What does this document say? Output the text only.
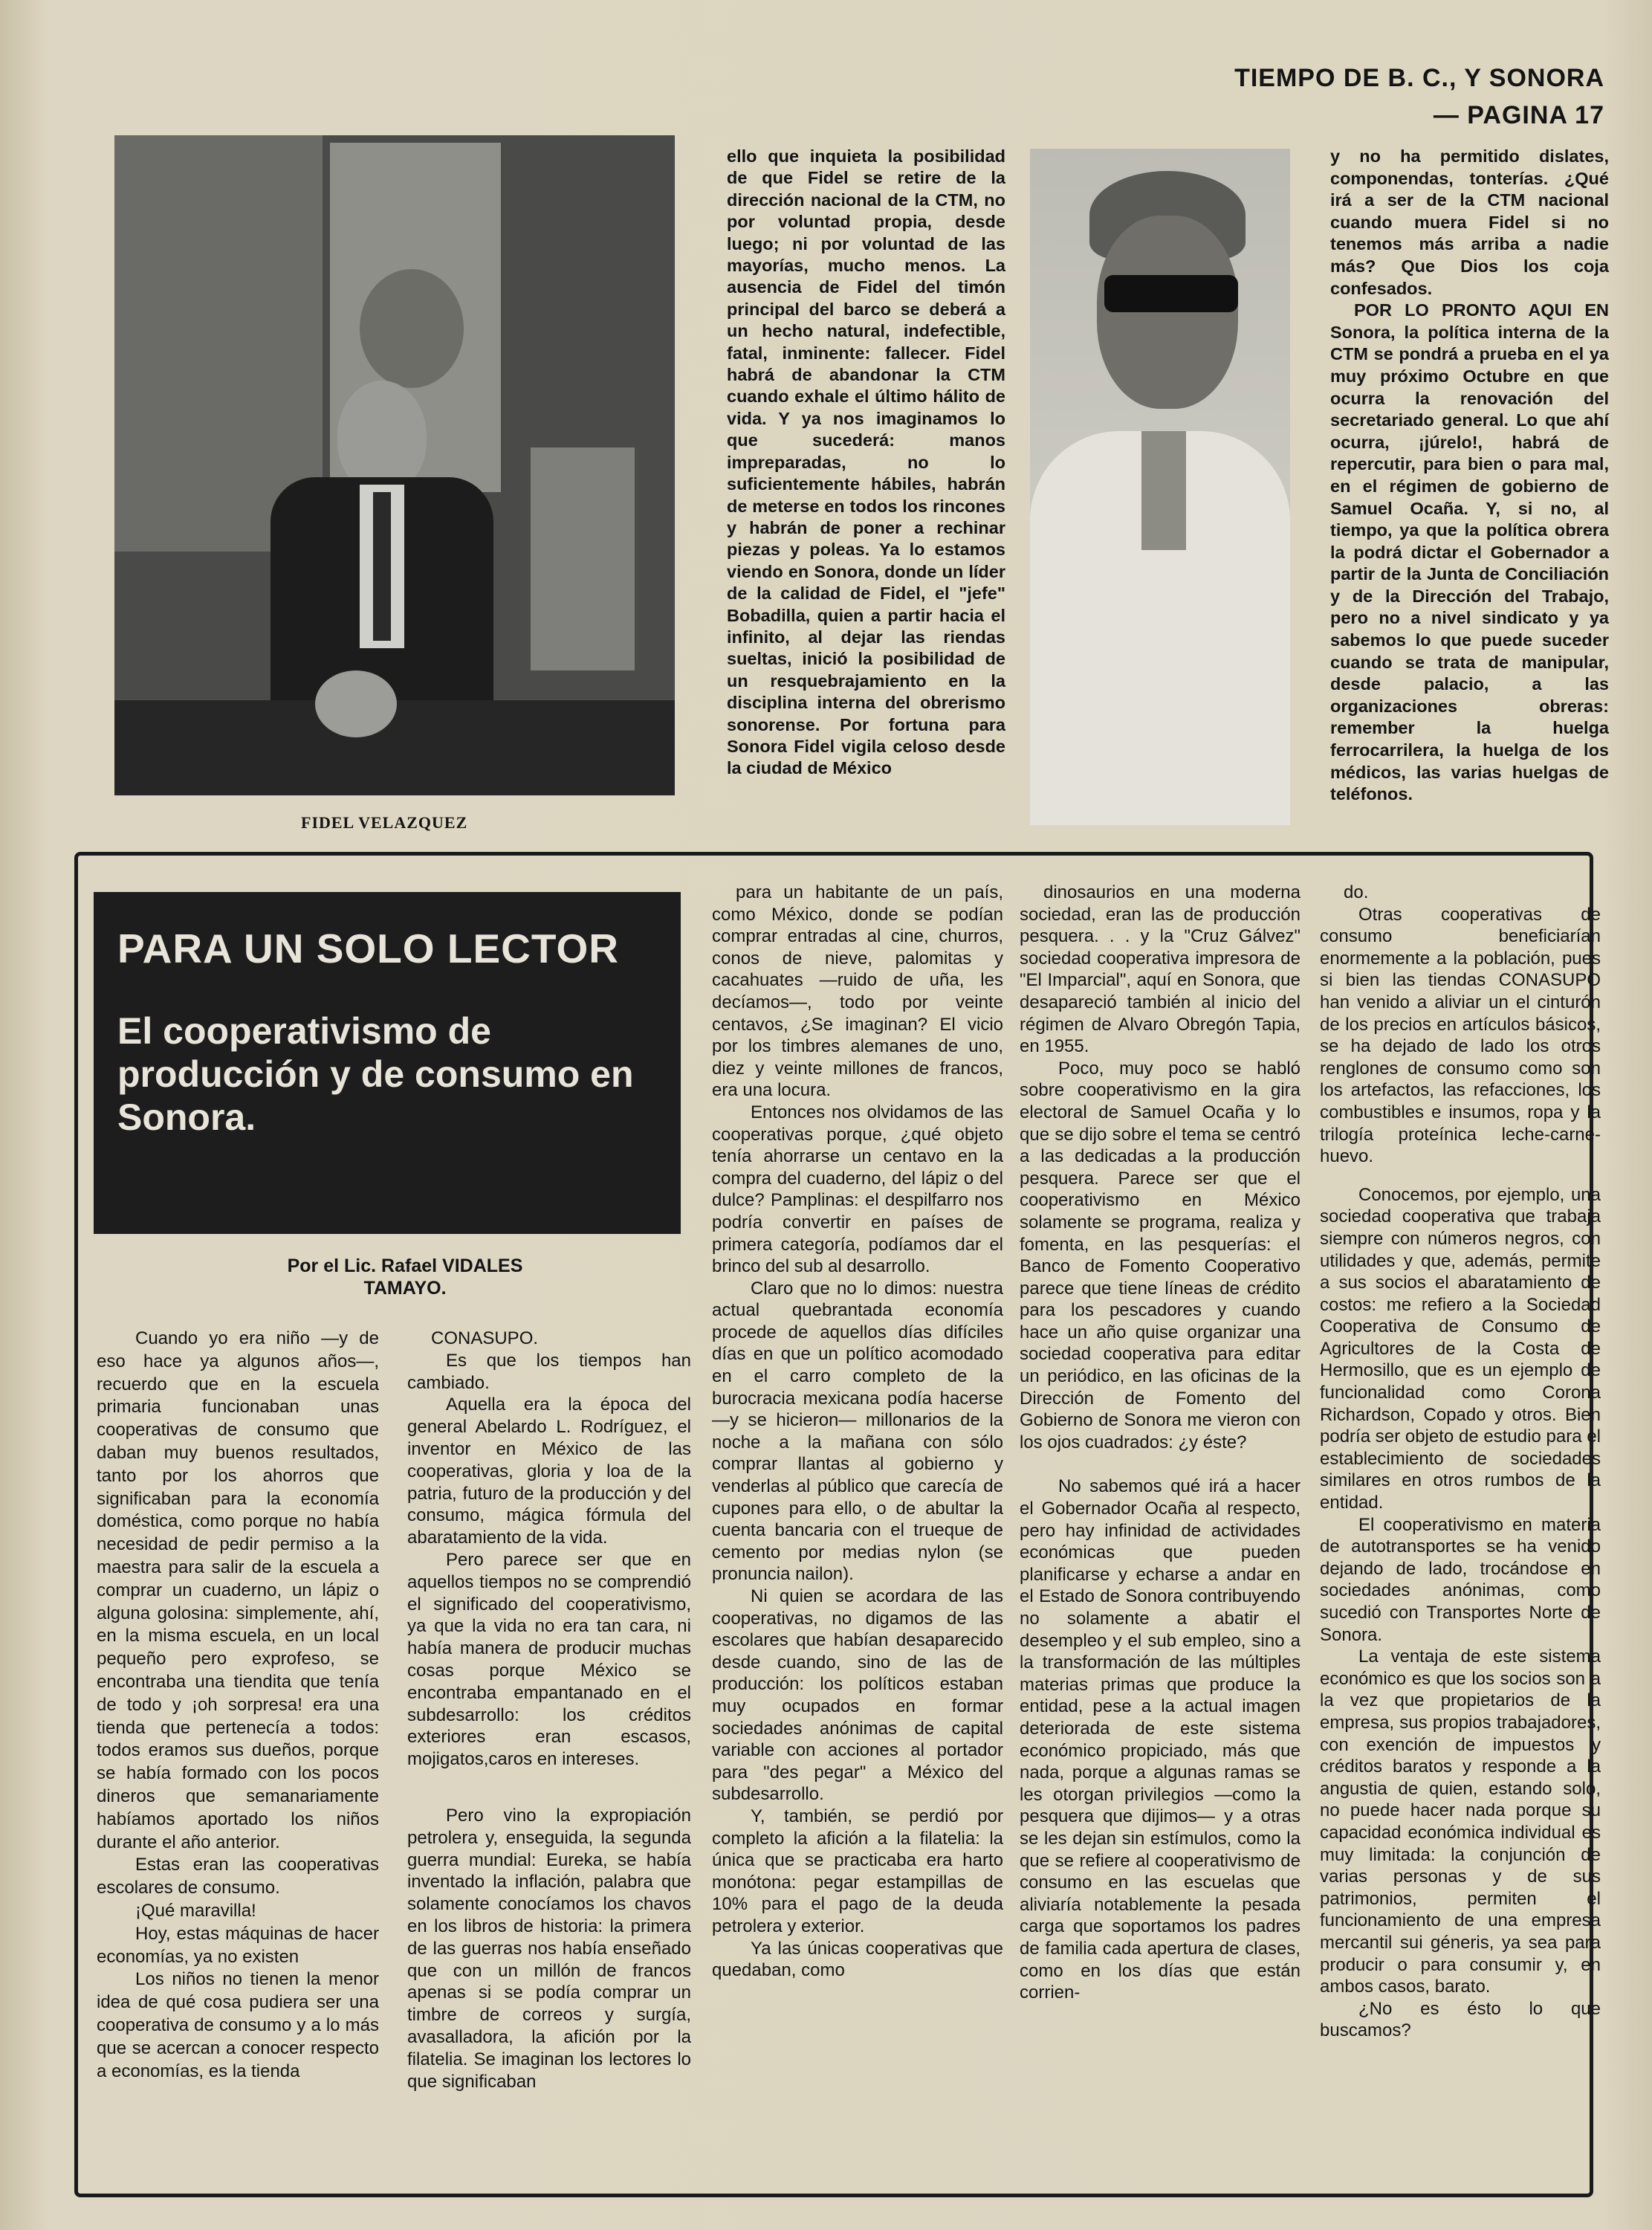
TIEMPO DE B. C., Y SONORA
— PAGINA 17
FIDEL VELAZQUEZ

ello que inquieta la posibilidad de que Fidel se retire de la dirección nacional de la CTM, no por voluntad propia, desde luego; ni por voluntad de las mayorías, mucho menos. La ausencia de Fidel del timón principal del barco se deberá a un hecho natural, indefectible, fatal, inminente: fallecer. Fidel habrá de abandonar la CTM cuando exhale el último hálito de vida. Y ya nos imaginamos lo que sucederá: manos impreparadas, no lo suficientemente hábiles, habrán de meterse en todos los rincones y habrán de poner a rechinar piezas y poleas. Ya lo estamos viendo en Sonora, donde un líder de la calidad de Fidel, el "jefe" Bobadilla, quien a partir hacia el infinito, al dejar las riendas sueltas, inició la posibilidad de un resquebrajamiento en la disciplina interna del obrerismo sonorense. Por fortuna para Sonora Fidel vigila celoso desde la ciudad de México

y no ha permitido dislates, componendas, tonterías. ¿Qué irá a ser de la CTM nacional cuando muera Fidel si no tenemos más arriba a nadie más? Que Dios los coja confesados.

POR LO PRONTO AQUI EN Sonora, la política interna de la CTM se pondrá a prueba en el ya muy próximo Octubre en que ocurra la renovación del secretariado general. Lo que ahí ocurra, ¡júrelo!, habrá de repercutir, para bien o para mal, en el régimen de gobierno de Samuel Ocaña. Y, si no, al tiempo, ya que la política obrera la podrá dictar el Gobernador a partir de la Junta de Conciliación y de la Dirección del Trabajo, pero no a nivel sindicato y ya sabemos lo que puede suceder cuando se trata de manipular, desde palacio, a las organizaciones obreras: remember la huelga ferrocarrilera, la huelga de los médicos, las varias huelgas de teléfonos.

PARA UN SOLO LECTOR
El cooperativismo de producción y de consumo en Sonora.
Por el Lic. Rafael VIDALES TAMAYO.

Cuando yo era niño —y de eso hace ya algunos años—, recuerdo que en la escuela primaria funcionaban unas cooperativas de consumo que daban muy buenos resultados, tanto por los ahorros que significaban para la economía doméstica, como porque no había necesidad de pedir permiso a la maestra para salir de la escuela a comprar un cuaderno, un lápiz o alguna golosina: simplemente, ahí, en la misma escuela, en un local pequeño pero exprofeso, se encontraba una tiendita que tenía de todo y ¡oh sorpresa! era una tienda que pertenecía a todos: todos eramos sus dueños, porque se había formado con los pocos dineros que semanariamente habíamos aportado los niños durante el año anterior.

Estas eran las cooperativas escolares de consumo.

¡Qué maravilla!

Hoy, estas máquinas de hacer economías, ya no existen

Los niños no tienen la menor idea de qué cosa pudiera ser una cooperativa de consumo y a lo más que se acercan a conocer respecto a economías, es la tienda

CONASUPO.

Es que los tiempos han cambiado.

Aquella era la época del general Abelardo L. Rodríguez, el inventor en México de las cooperativas, gloria y loa de la patria, futuro de la producción y del consumo, mágica fórmula del abaratamiento de la vida.

Pero parece ser que en aquellos tiempos no se comprendió el significado del cooperativismo, ya que la vida no era tan cara, ni había manera de producir muchas cosas porque México se encontraba empantanado en el subdesarrollo: los créditos exteriores eran escasos, mojigatos,caros en intereses.

Pero vino la expropiación petrolera y, enseguida, la segunda guerra mundial: Eureka, se había inventado la inflación, palabra que solamente conocíamos los chavos en los libros de historia: la primera de las guerras nos había enseñado que con un millón de francos apenas si se podía comprar un timbre de correos y surgía, avasalladora, la afición por la filatelia. Se imaginan los lectores lo que significaban

para un habitante de un país, como México, donde se podían comprar entradas al cine, churros, conos de nieve, palomitas y cacahuates —ruido de uña, les decíamos—, todo por veinte centavos, ¿Se imaginan? El vicio por los timbres alemanes de uno, diez y veinte millones de francos, era una locura.

Entonces nos olvidamos de las cooperativas porque, ¿qué objeto tenía ahorrarse un centavo en la compra del cuaderno, del lápiz o del dulce? Pamplinas: el despilfarro nos podría convertir en países de primera categoría, podíamos dar el brinco del sub al desarrollo.

Claro que no lo dimos: nuestra actual quebrantada economía procede de aquellos días difíciles días en que un político acomodado en el carro completo de la burocracia mexicana podía hacerse —y se hicieron— millonarios de la noche a la mañana con sólo comprar llantas al gobierno y venderlas al público que carecía de cupones para ello, o de abultar la cuenta bancaria con el trueque de cemento por medias nylon (se pronuncia nailon).

Ni quien se acordara de las cooperativas, no digamos de las escolares que habían desaparecido desde cuando, sino de las de producción: los políticos estaban muy ocupados en formar sociedades anónimas de capital variable con acciones al portador para "des pegar" a México del subdesarrollo.

Y, también, se perdió por completo la afición a la filatelia: la única que se practicaba era harto monótona: pegar estampillas de 10% para el pago de la deuda petrolera y exterior.

Ya las únicas cooperativas que quedaban, como

dinosaurios en una moderna sociedad, eran las de producción pesquera. . . y la "Cruz Gálvez" sociedad cooperativa impresora de "El Imparcial", aquí en Sonora, que desapareció también al inicio del régimen de Alvaro Obregón Tapia, en 1955.

Poco, muy poco se habló sobre cooperativismo en la gira electoral de Samuel Ocaña y lo que se dijo sobre el tema se centró a las dedicadas a la producción pesquera. Parece ser que el cooperativismo en México solamente se programa, realiza y fomenta, en las pesquerías: el Banco de Fomento Cooperativo parece que tiene líneas de crédito para los pescadores y cuando hace un año quise organizar una sociedad cooperativa para editar un periódico, en las oficinas de la Dirección de Fomento del Gobierno de Sonora me vieron con los ojos cuadrados: ¿y éste?

No sabemos qué irá a hacer el Gobernador Ocaña al respecto, pero hay infinidad de actividades económicas que pueden planificarse y echarse a andar en el Estado de Sonora contribuyendo no solamente a abatir el desempleo y el sub empleo, sino a la transformación de las múltiples materias primas que produce la entidad, pese a la actual imagen deteriorada de este sistema económico propiciado, más que nada, porque a algunas ramas se les otorgan privilegios —como la pesquera que dijimos— y a otras se les dejan sin estímulos, como la que se refiere al cooperativismo de consumo en las escuelas que aliviaría notablemente la pesada carga que soportamos los padres de familia cada apertura de clases, como en los días que están corrien-

do.

Otras cooperativas de consumo beneficiarían enormemente a la población, pues si bien las tiendas CONASUPO han venido a aliviar un el cinturón de los precios en artículos básicos, se ha dejado de lado los otros renglones de consumo como son los artefactos, las refacciones, los combustibles e insumos, ropa y la trilogía proteínica leche-carne-huevo.

Conocemos, por ejemplo, una sociedad cooperativa que trabaja siempre con números negros, con utilidades y que, además, permite a sus socios el abaratamiento de costos: me refiero a la Sociedad Cooperativa de Consumo de Agricultores de la Costa de Hermosillo, que es un ejemplo de funcionalidad como Corona Richardson, Copado y otros. Bien podría ser objeto de estudio para el establecimiento de sociedades similares en otros rumbos de la entidad.

El cooperativismo en materia de autotransportes se ha venido dejando de lado, trocándose en sociedades anónimas, como sucedió con Transportes Norte de Sonora.

La ventaja de este sistema económico es que los socios son a la vez que propietarios de la empresa, sus propios trabajadores, con exención de impuestos y créditos baratos y responde a la angustia de quien, estando solo, no puede hacer nada porque su capacidad económica individual es muy limitada: la conjunción de varias personas y de sus patrimonios, permiten el funcionamiento de una empresa mercantil sui géneris, ya sea para producir o para consumir y, en ambos casos, barato.

¿No es ésto lo que buscamos?
